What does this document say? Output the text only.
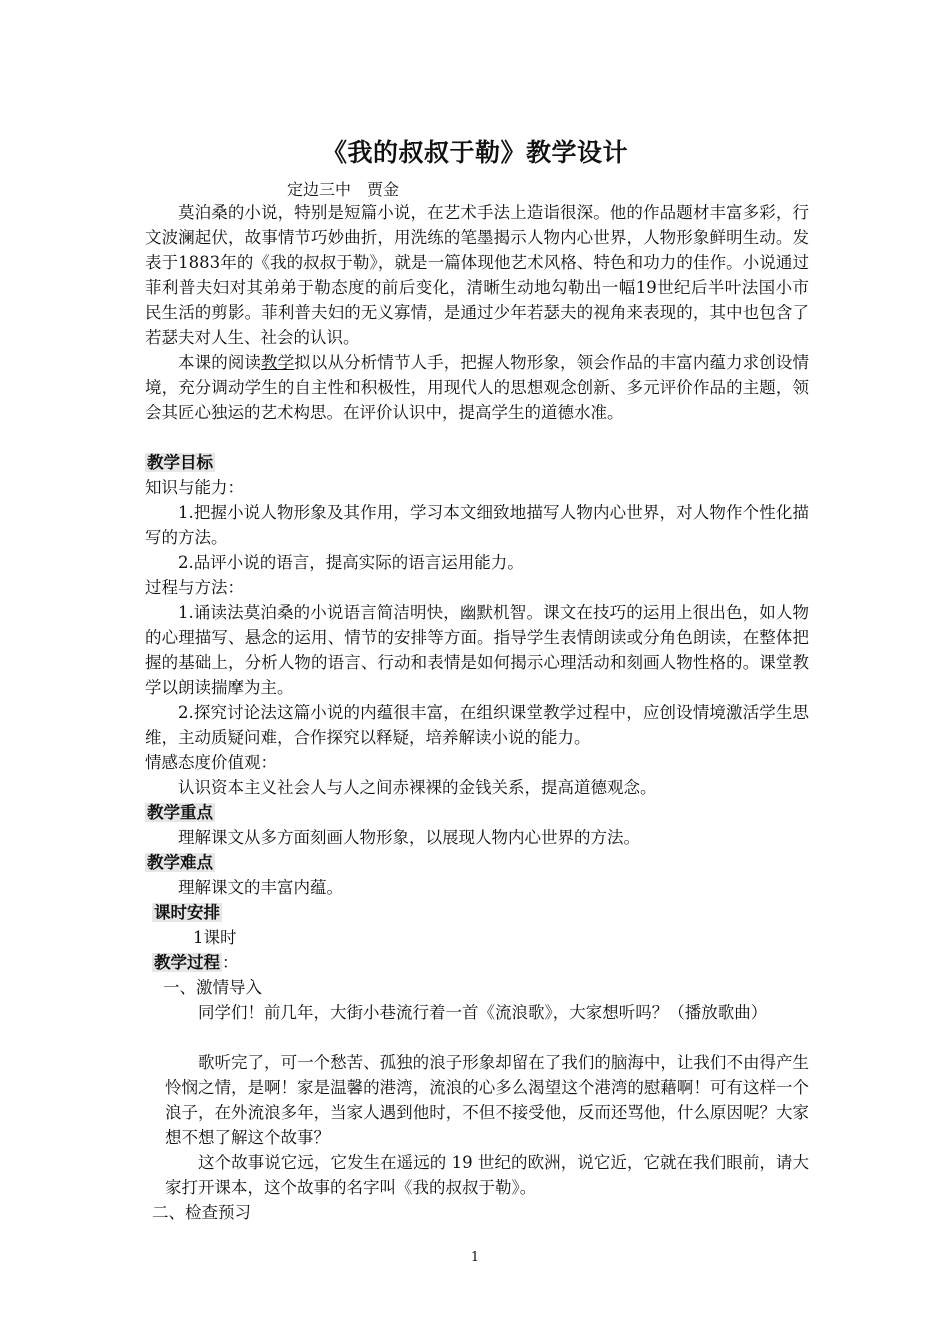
《我的叔叔于勒》教学设计
定边三中　贾金

莫泊桑的小说，特别是短篇小说，在艺术手法上造诣很深。他的作品题材丰富多彩，行文波澜起伏，故事情节巧妙曲折，用洗练的笔墨揭示人物内心世界，人物形象鲜明生动。发表于1883年的《我的叔叔于勒》，就是一篇体现他艺术风格、特色和功力的佳作。小说通过菲利普夫妇对其弟弟于勒态度的前后变化，清晰生动地勾勒出一幅19世纪后半叶法国小市民生活的剪影。菲利普夫妇的无义寡情，是通过少年若瑟夫的视角来表现的，其中也包含了若瑟夫对人生、社会的认识。

本课的阅读教学拟以从分析情节人手，把握人物形象，领会作品的丰富内蕴力求创设情境，充分调动学生的自主性和积极性，用现代人的思想观念创新、多元评价作品的主题，领会其匠心独运的艺术构思。在评价认识中，提高学生的道德水准。

教学目标
知识与能力：

1.把握小说人物形象及其作用，学习本文细致地描写人物内心世界，对人物作个性化描写的方法。

2.品评小说的语言，提高实际的语言运用能力。

过程与方法：

1.诵读法莫泊桑的小说语言简洁明快，幽默机智。课文在技巧的运用上很出色，如人物的心理描写、悬念的运用、情节的安排等方面。指导学生表情朗读或分角色朗读，在整体把握的基础上，分析人物的语言、行动和表情是如何揭示心理活动和刻画人物性格的。课堂教学以朗读揣摩为主。

2.探究讨论法这篇小说的内蕴很丰富，在组织课堂教学过程中，应创设情境激活学生思维，主动质疑问难，合作探究以释疑，培养解读小说的能力。

情感态度价值观：

认识资本主义社会人与人之间赤裸裸的金钱关系，提高道德观念。

教学重点

理解课文从多方面刻画人物形象，以展现人物内心世界的方法。

教学难点

理解课文的丰富内蕴。

课时安排
1课时
教学过程 ：
一、激情导入

同学们！前几年，大街小巷流行着一首《流浪歌》，大家想听吗？（播放歌曲）

歌听完了，可一个愁苦、孤独的浪子形象却留在了我们的脑海中，让我们不由得产生怜悯之情，是啊！家是温馨的港湾，流浪的心多么渴望这个港湾的慰藉啊！可有这样一个浪子，在外流浪多年，当家人遇到他时，不但不接受他，反而还骂他，什么原因呢？大家想不想了解这个故事？

这个故事说它远，它发生在遥远的 19 世纪的欧洲，说它近，它就在我们眼前，请大家打开课本，这个故事的名字叫《我的叔叔于勒》。

二、检查预习
1
